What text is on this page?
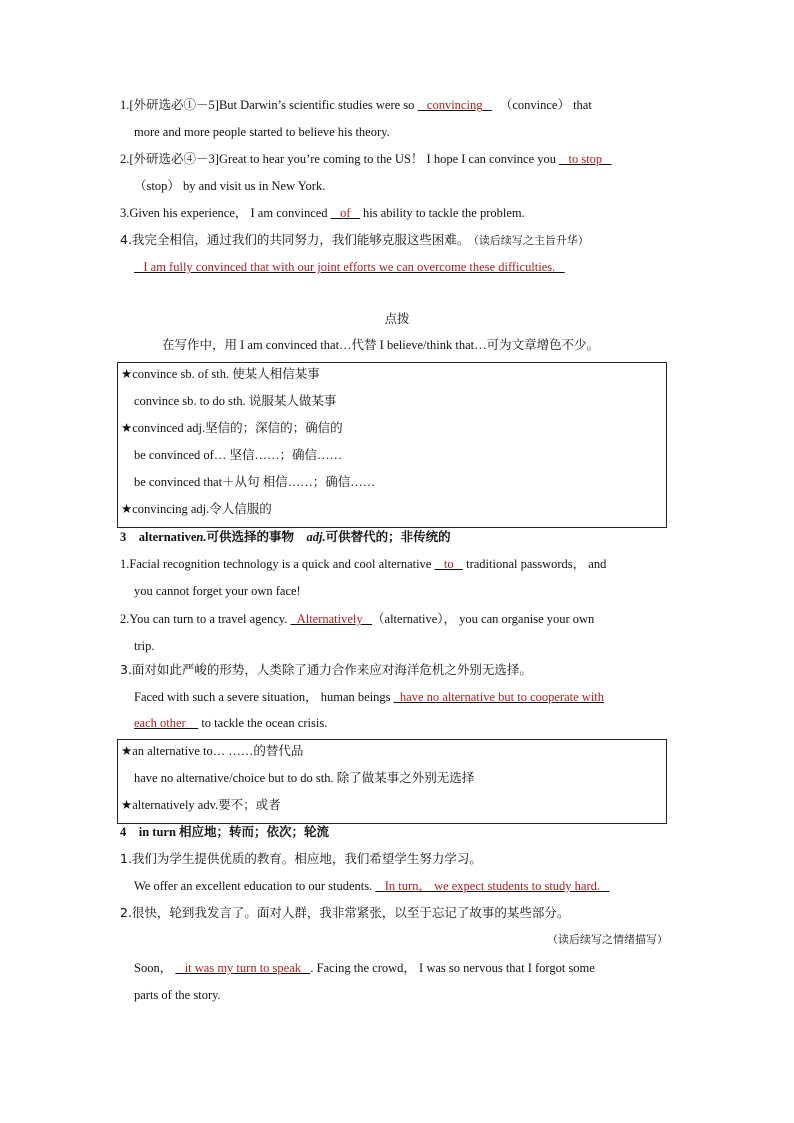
1.[外研选必①－5]But Darwin’s scientific studies were so    convincing （convince） that
more and more people started to believe his theory.
2.[外研选必④－3]Great to hear you’re coming to the US！ I hope I can convince you    to stop
（stop） by and visit us in New York.
3.Given his experience， I am convinced    of    his ability to tackle the problem.
4.我完全相信，通过我们的共同努力，我们能够克服这些困难。 （读后续写之主旨升华）
I am fully convinced that with our joint efforts we can overcome these difficulties.
点拨
在写作中，用 I am convinced that…代替 I believe/think that…可为文章增色不少。
★convince sb. of sth. 使某人相信某事
convince sb. to do sth. 说服某人做某事
★convinced adj.坚信的；深信的；确信的
be convinced of… 坚信……；确信……
be convinced that＋从句 相信……；确信……
★convincing adj.令人信服的
3 alternativen.可供选择的事物 adj.可供替代的；非传统的
1.Facial recognition technology is a quick and cool alternative    to    traditional passwords， and
you cannot forget your own face!
2.You can turn to a travel agency.   Alternatively （alternative）， you can organise your own
trip.
3.面对如此严峻的形势，人类除了通力合作来应对海洋危机之外别无选择。
Faced with such a severe situation， human beings   have no alternative but to cooperate with
each other     to tackle the ocean crisis.
★an alternative to… ……的替代品
have no alternative/choice but to do sth. 除了做某事之外别无选择
★alternatively adv.要不；或者
4 in turn 相应地；转而；依次；轮流
1.我们为学生提供优质的教育。相应地，我们希望学生努力学习。
We offer an excellent education to our students.    In turn， we expect students to study hard.
2.很快，轮到我发言了。面对人群，我非常紧张，以至于忘记了故事的某些部分。
（读后续写之情绪描写）
Soon，    it was my turn to speak . Facing the crowd， I was so nervous that I forgot some
parts of the story.
